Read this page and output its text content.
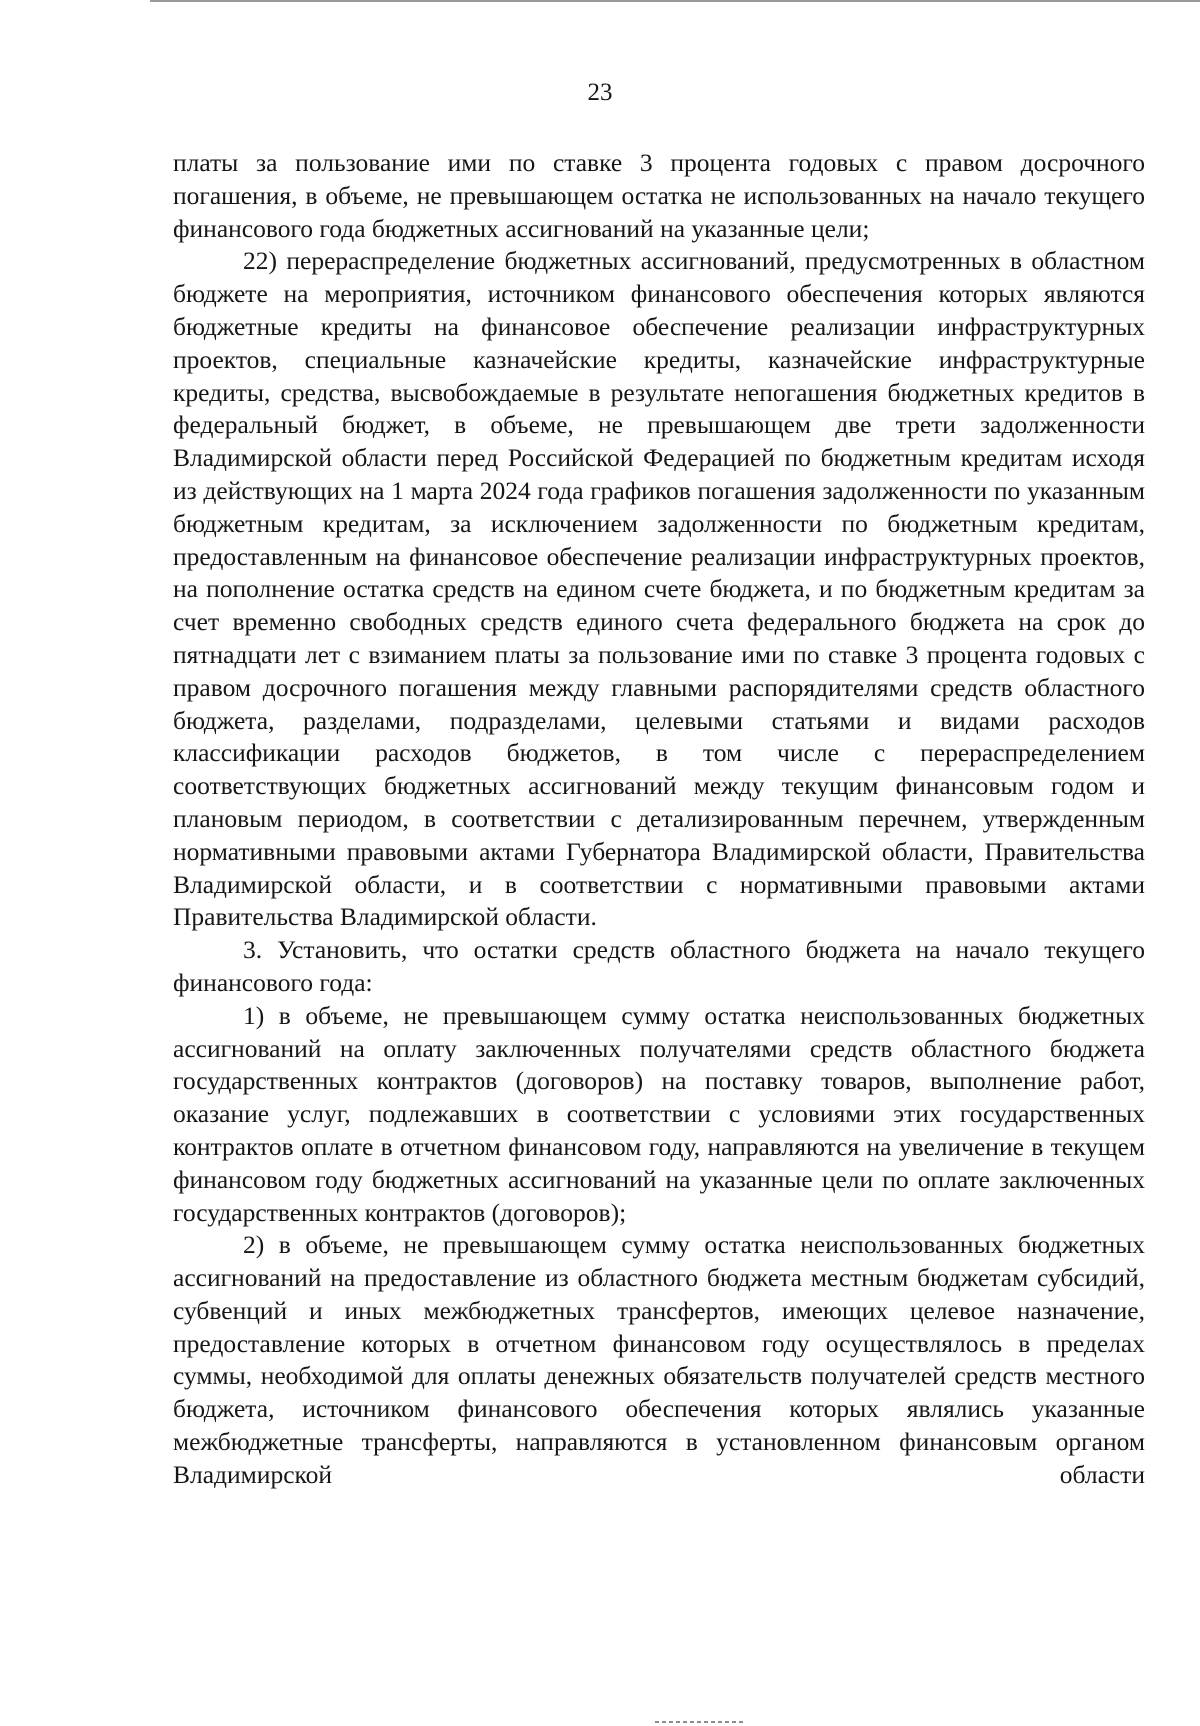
23

платы за пользование ими по ставке 3 процента годовых с правом досрочного погашения, в объеме, не превышающем остатка не использованных на начало текущего финансового года бюджетных ассигнований на указанные цели;

22) перераспределение бюджетных ассигнований, предусмотренных в областном бюджете на мероприятия, источником финансового обеспечения которых являются бюджетные кредиты на финансовое обеспечение реализации инфраструктурных проектов, специальные казначейские кредиты, казначейские инфраструктурные кредиты, средства, высвобождаемые в результате непогашения бюджетных кредитов в федеральный бюджет, в объеме, не превышающем две трети задолженности Владимирской области перед Российской Федерацией по бюджетным кредитам исходя из действующих на 1 марта 2024 года графиков погашения задолженности по указанным бюджетным кредитам, за исключением задолженности по бюджетным кредитам, предоставленным на финансовое обеспечение реализации инфраструктурных проектов, на пополнение остатка средств на едином счете бюджета, и по бюджетным кредитам за счет временно свободных средств единого счета федерального бюджета на срок до пятнадцати лет с взиманием платы за пользование ими по ставке 3 процента годовых с правом досрочного погашения между главными распорядителями средств областного бюджета, разделами, подразделами, целевыми статьями и видами расходов классификации расходов бюджетов, в том числе с перераспределением соответствующих бюджетных ассигнований между текущим финансовым годом и плановым периодом, в соответствии с детализированным перечнем, утвержденным нормативными правовыми актами Губернатора Владимирской области, Правительства Владимирской области, и в соответствии с нормативными правовыми актами Правительства Владимирской области.

3. Установить, что остатки средств областного бюджета на начало текущего финансового года:

1) в объеме, не превышающем сумму остатка неиспользованных бюджетных ассигнований на оплату заключенных получателями средств областного бюджета государственных контрактов (договоров) на поставку товаров, выполнение работ, оказание услуг, подлежавших в соответствии с условиями этих государственных контрактов оплате в отчетном финансовом году, направляются на увеличение в текущем финансовом году бюджетных ассигнований на указанные цели по оплате заключенных государственных контрактов (договоров);

2) в объеме, не превышающем сумму остатка неиспользованных бюджетных ассигнований на предоставление из областного бюджета местным бюджетам субсидий, субвенций и иных межбюджетных трансфертов, имеющих целевое назначение, предоставление которых в отчетном финансовом году осуществлялось в пределах суммы, необходимой для оплаты денежных обязательств получателей средств местного бюджета, источником финансового обеспечения которых являлись указанные межбюджетные трансферты, направляются в установленном финансовым органом Владимирской области
